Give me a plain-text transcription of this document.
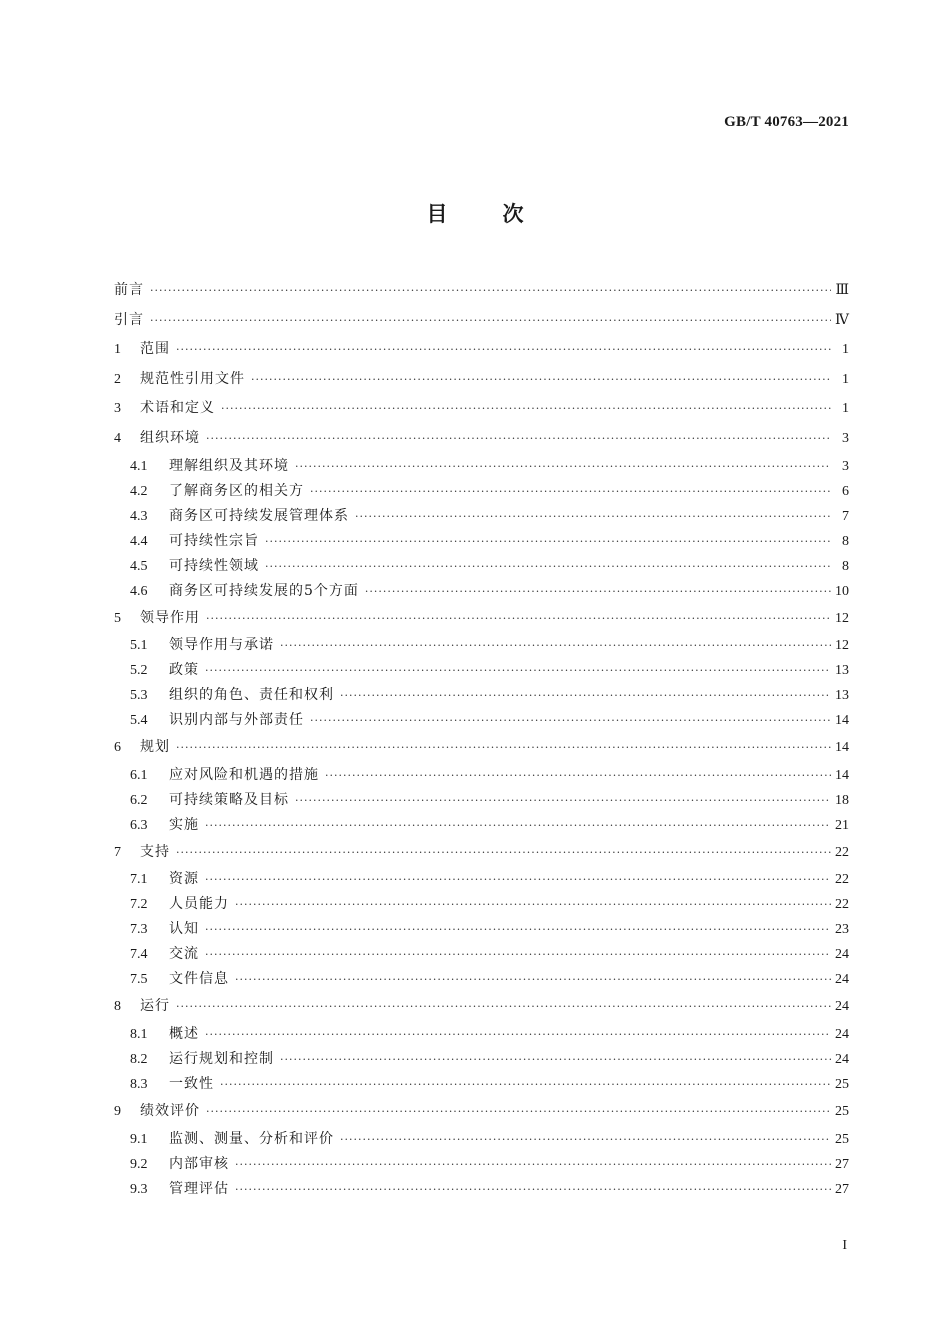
GB/T 40763—2021
目次
前言 ·····	Ⅲ
引言 ·····	Ⅳ
1	范围 ·····	1
2	规范性引用文件 ·····	1
3	术语和定义 ·····	1
4	组织环境 ·····	3
4.1	理解组织及其环境 ·····	3
4.2	了解商务区的相关方 ·····	6
4.3	商务区可持续发展管理体系 ·····	7
4.4	可持续性宗旨 ·····	8
4.5	可持续性领域 ·····	8
4.6	商务区可持续发展的5个方面 ·····	10
5	领导作用 ·····	12
5.1	领导作用与承诺 ·····	12
5.2	政策 ·····	13
5.3	组织的角色、责任和权利 ·····	13
5.4	识别内部与外部责任 ·····	14
6	规划 ·····	14
6.1	应对风险和机遇的措施 ·····	14
6.2	可持续策略及目标 ·····	18
6.3	实施 ·····	21
7	支持 ·····	22
7.1	资源 ·····	22
7.2	人员能力 ·····	22
7.3	认知 ·····	23
7.4	交流 ·····	24
7.5	文件信息 ·····	24
8	运行 ·····	24
8.1	概述 ·····	24
8.2	运行规划和控制 ·····	24
8.3	一致性 ·····	25
9	绩效评价 ·····	25
9.1	监测、测量、分析和评价 ·····	25
9.2	内部审核 ·····	27
9.3	管理评估 ·····	27
I
